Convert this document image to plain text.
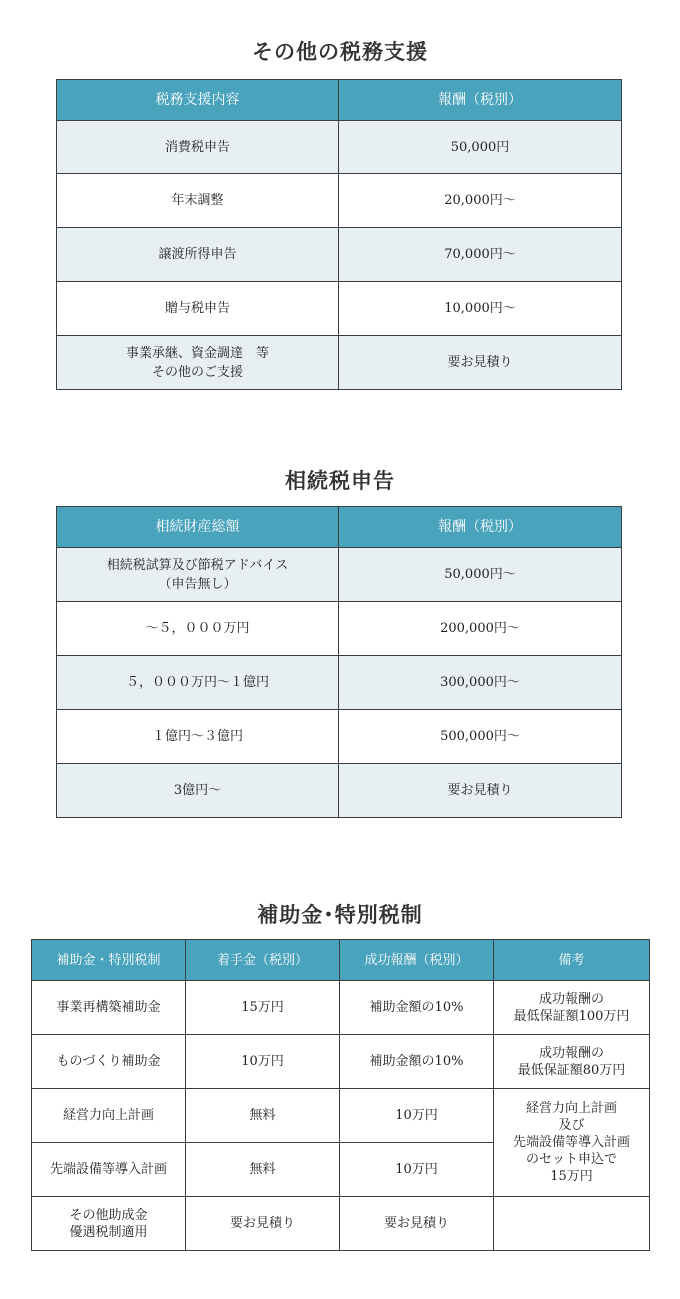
その他の税務支援
税務支援内容	報酬（税別）
消費税申告	50,000円
年末調整	20,000円～
譲渡所得申告	70,000円～
贈与税申告	10,000円～
事業承継、資金調達　等
その他のご支援	要お見積り
相続税申告
相続財産総額	報酬（税別）
相続税試算及び節税アドバイス
（申告無し）	50,000円～
～５，０００万円	200,000円～
５，０００万円～１億円	300,000円～
１億円～３億円	500,000円～
3億円～	要お見積り
補助金･特別税制
補助金・特別税制	着手金（税別）	成功報酬（税別）	備考
事業再構築補助金	15万円	補助金額の10%	成功報酬の
最低保証額100万円
ものづくり補助金	10万円	補助金額の10%	成功報酬の
最低保証額80万円
経営力向上計画	無料	10万円	経営力向上計画
及び
先端設備等導入計画
のセット申込で
15万円
先端設備等導入計画	無料	10万円	
その他助成金
優遇税制適用	要お見積り	要お見積り	
